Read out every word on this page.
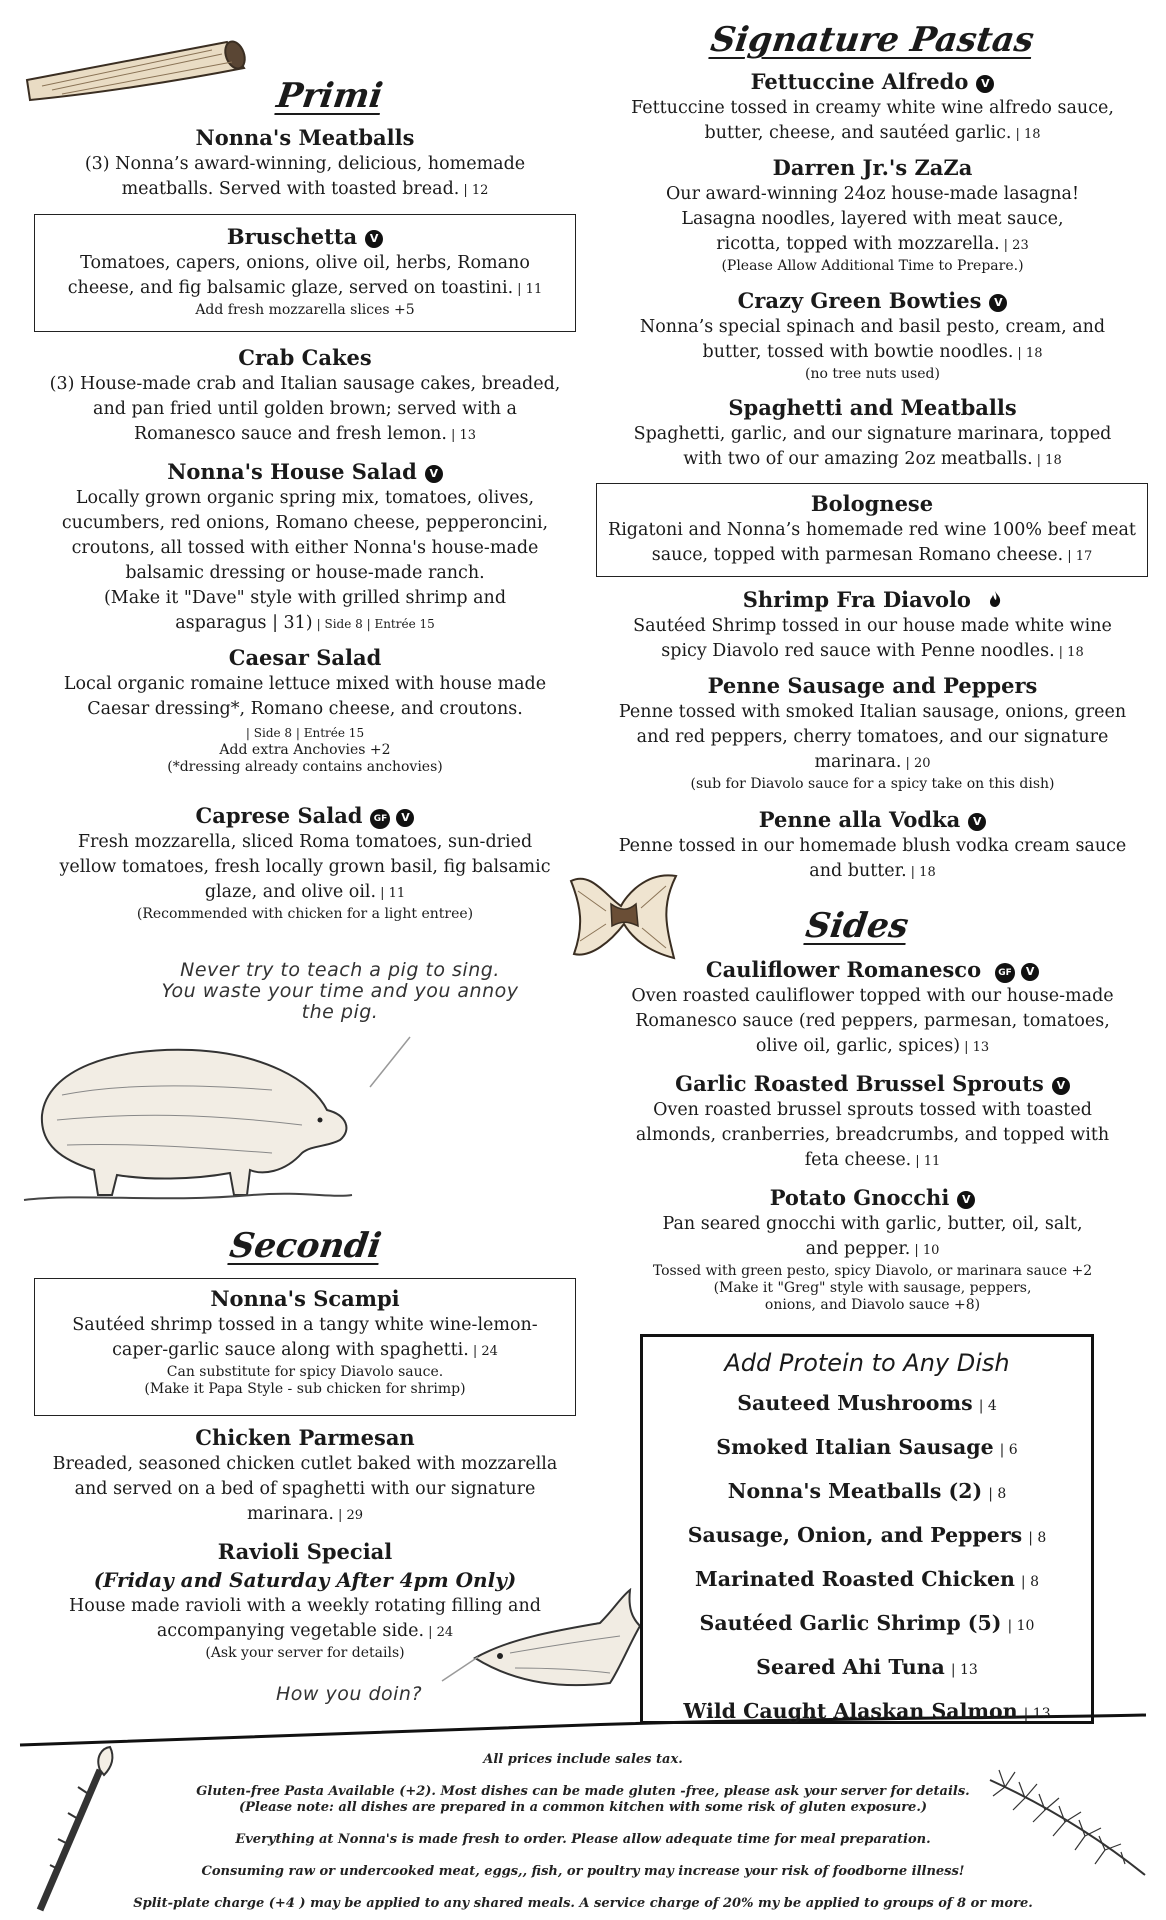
Primi
Nonna's Meatballs
(3) Nonna’s award-winning, delicious, homemade meatballs. Served with toasted bread. | 12
Bruschetta V
Tomatoes, capers, onions, olive oil, herbs, Romano cheese, and fig balsamic glaze, served on toastini. | 11
Add fresh mozzarella slices +5
Crab Cakes
(3) House-made crab and Italian sausage cakes, breaded, and pan fried until golden brown; served with a Romanesco sauce and fresh lemon. | 13
Nonna's House Salad V
Locally grown organic spring mix, tomatoes, olives, cucumbers, red onions, Romano cheese, pepperoncini, croutons, all tossed with either Nonna's house-made balsamic dressing or house-made ranch.
(Make it "Dave" style with grilled shrimp and asparagus | 31) | Side 8 | Entrée 15
Caesar Salad
Local organic romaine lettuce mixed with house made Caesar dressing*, Romano cheese, and croutons.
| Side 8 | Entrée 15
Add extra Anchovies +2
(*dressing already contains anchovies)
Caprese Salad GF V
Fresh mozzarella, sliced Roma tomatoes, sun-dried yellow tomatoes, fresh locally grown basil, fig balsamic glaze, and olive oil. | 11
(Recommended with chicken for a light entree)
Never try to teach a pig to sing.
You waste your time and you annoy
the pig.
Secondi
Nonna's Scampi
Sautéed shrimp tossed in a tangy white wine-lemon-caper-garlic sauce along with spaghetti. | 24
Can substitute for spicy Diavolo sauce.
(Make it Papa Style - sub chicken for shrimp)
Chicken Parmesan
Breaded, seasoned chicken cutlet baked with mozzarella and served on a bed of spaghetti with our signature marinara. | 29
Ravioli Special
(Friday and Saturday After 4pm Only)
House made ravioli with a weekly rotating filling and accompanying vegetable side. | 24
(Ask your server for details)
How you doin?
Signature Pastas
Fettuccine Alfredo V
Fettuccine tossed in creamy white wine alfredo sauce, butter, cheese, and sautéed garlic. | 18
Darren Jr.'s ZaZa
Our award-winning 24oz house-made lasagna! Lasagna noodles, layered with meat sauce, ricotta, topped with mozzarella. | 23
(Please Allow Additional Time to Prepare.)
Crazy Green Bowties V
Nonna’s special spinach and basil pesto, cream, and butter, tossed with bowtie noodles. | 18
(no tree nuts used)
Spaghetti and Meatballs
Spaghetti, garlic, and our signature marinara, topped with two of our amazing 2oz meatballs. | 18
Bolognese
Rigatoni and Nonna’s homemade red wine 100% beef meat sauce, topped with parmesan Romano cheese. | 17
Shrimp Fra Diavolo
Sautéed Shrimp tossed in our house made white wine spicy Diavolo red sauce with Penne noodles. | 18
Penne Sausage and Peppers
Penne tossed with smoked Italian sausage, onions, green and red peppers, cherry tomatoes, and our signature marinara. | 20
(sub for Diavolo sauce for a spicy take on this dish)
Penne alla Vodka V
Penne tossed in our homemade blush vodka cream sauce and butter. | 18
Sides
Cauliflower Romanesco GF V
Oven roasted cauliflower topped with our house-made Romanesco sauce (red peppers, parmesan, tomatoes, olive oil, garlic, spices) | 13
Garlic Roasted Brussel Sprouts V
Oven roasted brussel sprouts tossed with toasted almonds, cranberries, breadcrumbs, and topped with feta cheese. | 11
Potato Gnocchi V
Pan seared gnocchi with garlic, butter, oil, salt, and pepper. | 10
Tossed with green pesto, spicy Diavolo, or marinara sauce +2
(Make it "Greg" style with sausage, peppers, onions, and Diavolo sauce +8)
Add Protein to Any Dish
Sauteed Mushrooms | 4
Smoked Italian Sausage | 6
Nonna's Meatballs (2) | 8
Sausage, Onion, and Peppers | 8
Marinated Roasted Chicken | 8
Sautéed Garlic Shrimp (5) | 10
Seared Ahi Tuna | 13
Wild Caught Alaskan Salmon | 13
All prices include sales tax.
Gluten-free Pasta Available (+2). Most dishes can be made gluten -free, please ask your server for details.
(Please note: all dishes are prepared in a common kitchen with some risk of gluten exposure.)
Everything at Nonna's is made fresh to order. Please allow adequate time for meal preparation.
Consuming raw or undercooked meat, eggs,, fish, or poultry may increase your risk of foodborne illness!
Split-plate charge (+4 ) may be applied to any shared meals. A service charge of 20% my be applied to groups of 8 or more.
